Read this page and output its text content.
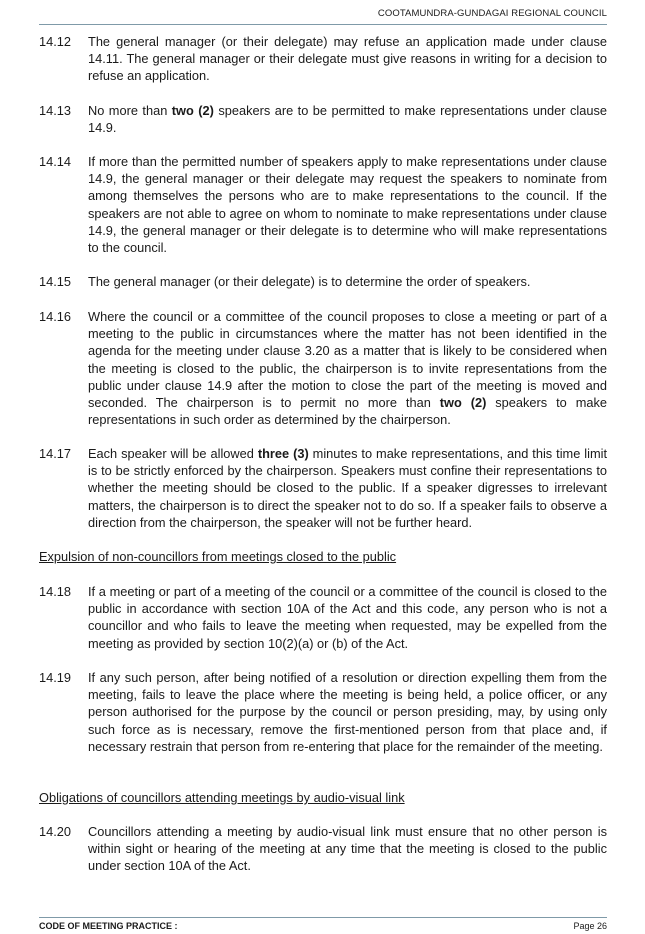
COOTAMUNDRA-GUNDAGAI REGIONAL COUNCIL
14.12	The general manager (or their delegate) may refuse an application made under clause 14.11. The general manager or their delegate must give reasons in writing for a decision to refuse an application.
14.13	No more than two (2) speakers are to be permitted to make representations under clause 14.9.
14.14	If more than the permitted number of speakers apply to make representations under clause 14.9, the general manager or their delegate may request the speakers to nominate from among themselves the persons who are to make representations to the council. If the speakers are not able to agree on whom to nominate to make representations under clause 14.9, the general manager or their delegate is to determine who will make representations to the council.
14.15	The general manager (or their delegate) is to determine the order of speakers.
14.16	Where the council or a committee of the council proposes to close a meeting or part of a meeting to the public in circumstances where the matter has not been identified in the agenda for the meeting under clause 3.20 as a matter that is likely to be considered when the meeting is closed to the public, the chairperson is to invite representations from the public under clause 14.9 after the motion to close the part of the meeting is moved and seconded. The chairperson is to permit no more than two (2) speakers to make representations in such order as determined by the chairperson.
14.17	Each speaker will be allowed three (3) minutes to make representations, and this time limit is to be strictly enforced by the chairperson. Speakers must confine their representations to whether the meeting should be closed to the public. If a speaker digresses to irrelevant matters, the chairperson is to direct the speaker not to do so. If a speaker fails to observe a direction from the chairperson, the speaker will not be further heard.
Expulsion of non-councillors from meetings closed to the public
14.18	If a meeting or part of a meeting of the council or a committee of the council is closed to the public in accordance with section 10A of the Act and this code, any person who is not a councillor and who fails to leave the meeting when requested, may be expelled from the meeting as provided by section 10(2)(a) or (b) of the Act.
14.19	If any such person, after being notified of a resolution or direction expelling them from the meeting, fails to leave the place where the meeting is being held, a police officer, or any person authorised for the purpose by the council or person presiding, may, by using only such force as is necessary, remove the first-mentioned person from that place and, if necessary restrain that person from re-entering that place for the remainder of the meeting.
Obligations of councillors attending meetings by audio-visual link
14.20	Councillors attending a meeting by audio-visual link must ensure that no other person is within sight or hearing of the meeting at any time that the meeting is closed to the public under section 10A of the Act.
CODE OF MEETING PRACTICE :	Page 26
